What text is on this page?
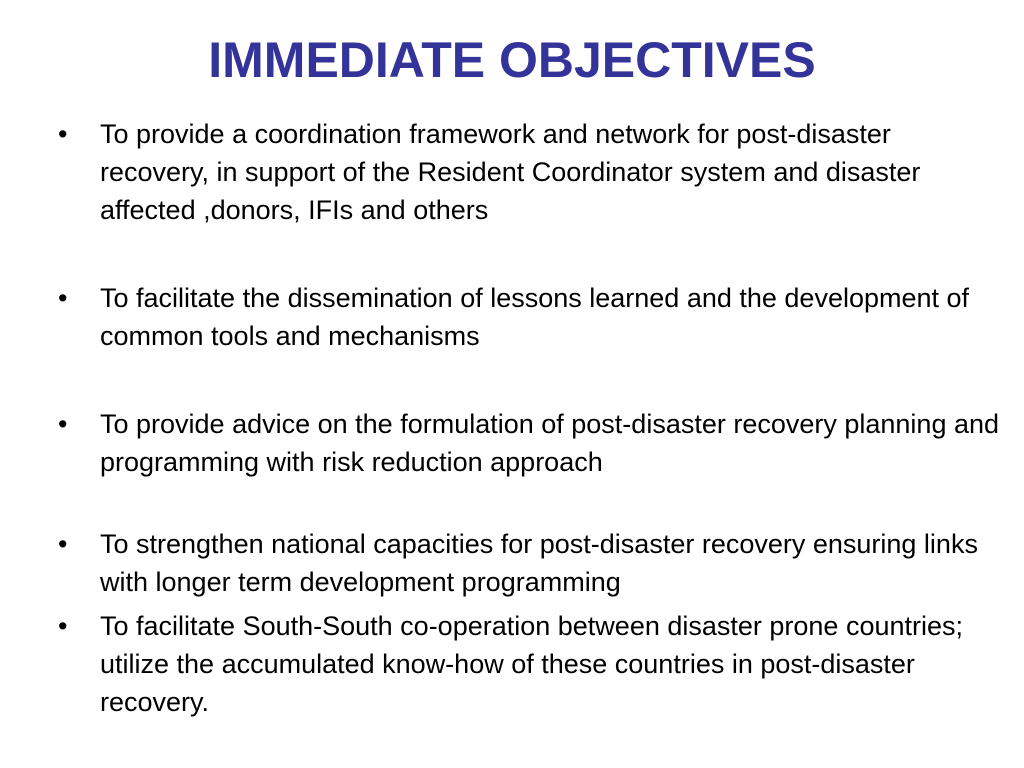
IMMEDIATE OBJECTIVES
•	To provide a coordination framework and network for post-disaster recovery, in support of the Resident Coordinator system and disaster affected ,donors, IFIs and others
•	To facilitate the dissemination of lessons learned and the development of common tools and mechanisms
•	To provide advice on the formulation of post-disaster recovery planning and programming with risk reduction approach
•	To strengthen national capacities for post-disaster recovery ensuring links with longer term development programming
•	To facilitate South-South co-operation between disaster prone countries; utilize the accumulated know-how of these countries in post-disaster recovery.
